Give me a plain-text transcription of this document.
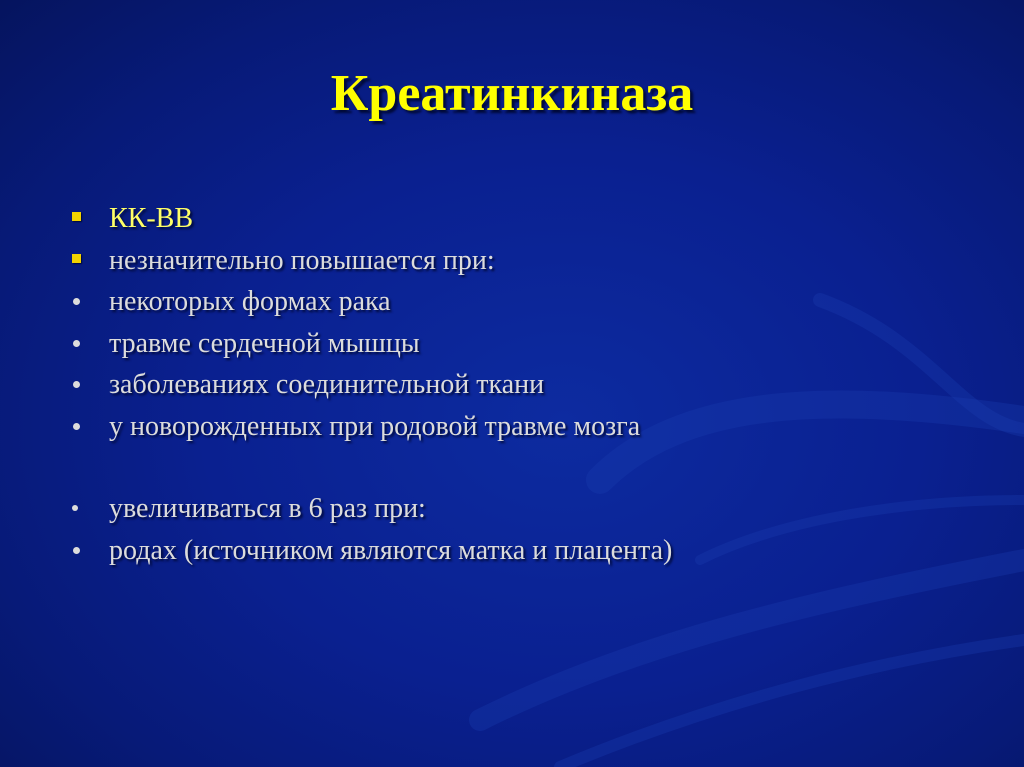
Креатинкиназа
КК-ВВ
незначительно повышается при:
некоторых формах рака
травме сердечной мышцы
заболеваниях соединительной ткани
у новорожденных при родовой травме мозга
увеличиваться в 6 раз при:
родах (источником являются матка и плацента)
